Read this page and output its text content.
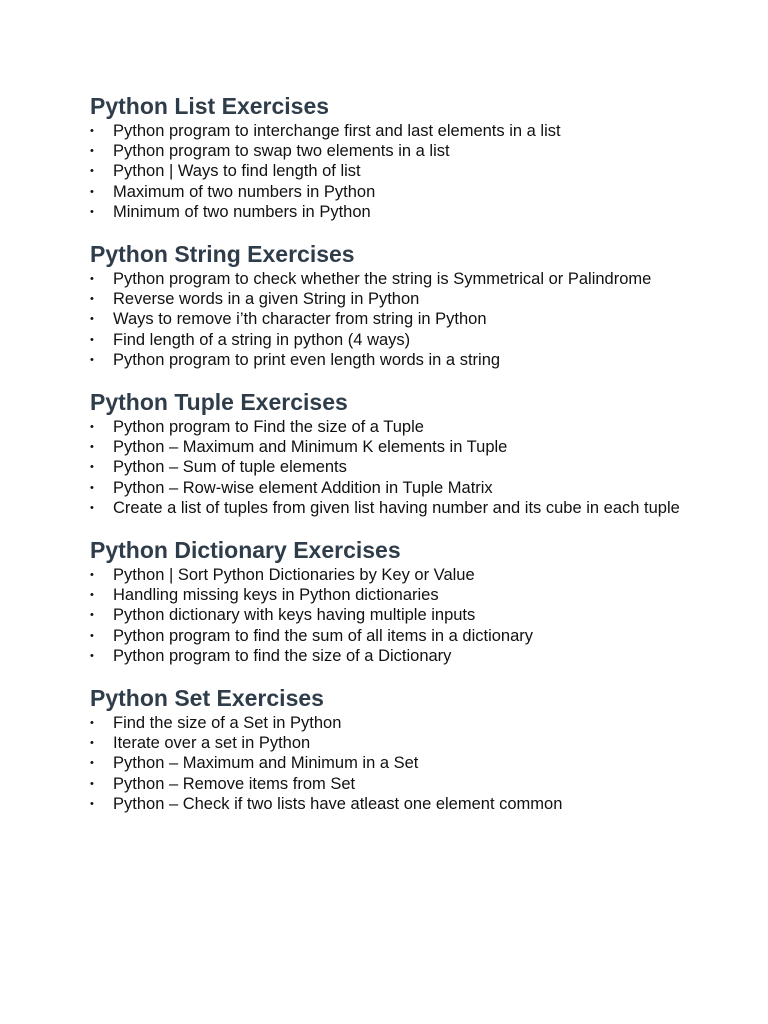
Python List Exercises
•	Python program to interchange first and last elements in a list
•	Python program to swap two elements in a list
•	Python | Ways to find length of list
•	Maximum of two numbers in Python
•	Minimum of two numbers in Python
Python String Exercises
•	Python program to check whether the string is Symmetrical or Palindrome
•	Reverse words in a given String in Python
•	Ways to remove i’th character from string in Python
•	Find length of a string in python (4 ways)
•	Python program to print even length words in a string
Python Tuple Exercises
•	Python program to Find the size of a Tuple
•	Python – Maximum and Minimum K elements in Tuple
•	Python – Sum of tuple elements
•	Python – Row-wise element Addition in Tuple Matrix
•	Create a list of tuples from given list having number and its cube in each tuple
Python Dictionary Exercises
•	Python | Sort Python Dictionaries by Key or Value
•	Handling missing keys in Python dictionaries
•	Python dictionary with keys having multiple inputs
•	Python program to find the sum of all items in a dictionary
•	Python program to find the size of a Dictionary
Python Set Exercises
•	Find the size of a Set in Python
•	Iterate over a set in Python
•	Python – Maximum and Minimum in a Set
•	Python – Remove items from Set
•	Python – Check if two lists have atleast one element common
